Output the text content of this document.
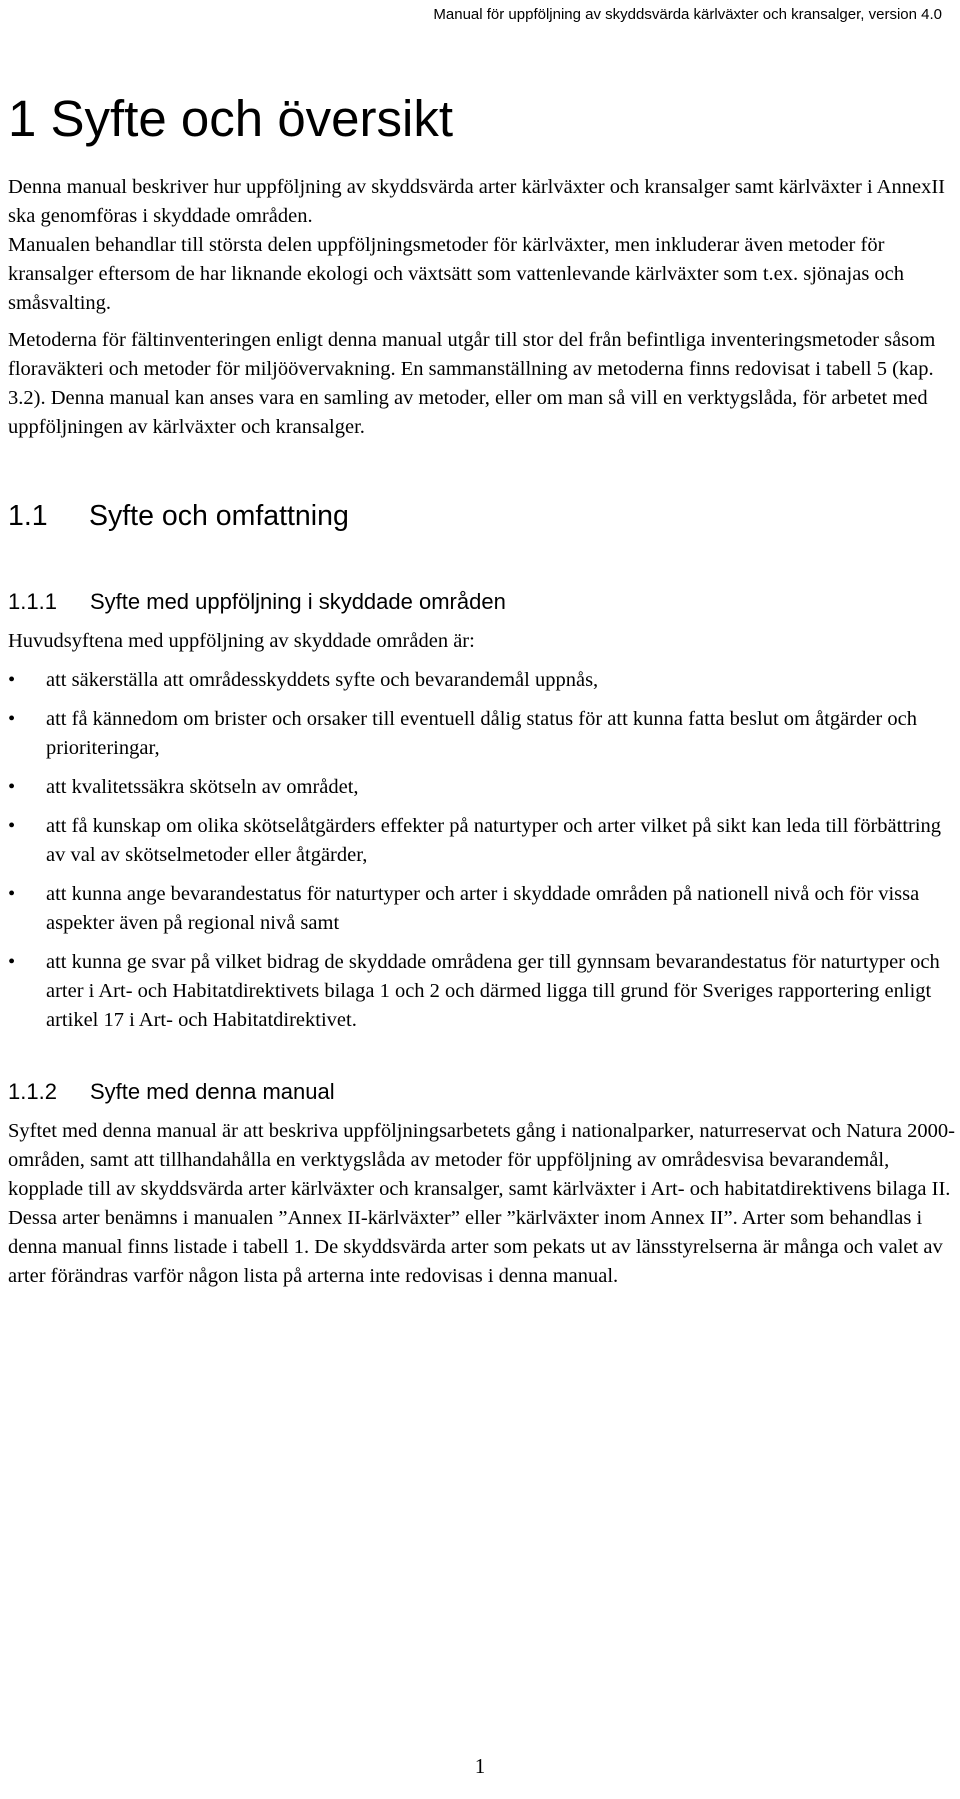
Manual för uppföljning av skyddsvärda kärlväxter och kransalger, version 4.0
1 Syfte och översikt

Denna manual beskriver hur uppföljning av skyddsvärda arter kärlväxter och kransalger samt kärlväxter i AnnexII ska genomföras i skyddade områden.

Manualen behandlar till största delen uppföljningsmetoder för kärlväxter, men inkluderar även metoder för kransalger eftersom de har liknande ekologi och växtsätt som vattenlevande kärlväxter som t.ex. sjönajas och småsvalting.

Metoderna för fältinventeringen enligt denna manual utgår till stor del från befintliga inventeringsmetoder såsom floraväkteri och metoder för miljöövervakning. En sammanställning av metoderna finns redovisat i tabell 5 (kap. 3.2). Denna manual kan anses vara en samling av metoder, eller om man så vill en verktygslåda, för arbetet med uppföljningen av kärlväxter och kransalger.

1.1	Syfte och omfattning
1.1.1	Syfte med uppföljning i skyddade områden

Huvudsyftena med uppföljning av skyddade områden är:

• att säkerställa att områdesskyddets syfte och bevarandemål uppnås,
• att få kännedom om brister och orsaker till eventuell dålig status för att kunna fatta beslut om åtgärder och prioriteringar,
• att kvalitetssäkra skötseln av området,
• att få kunskap om olika skötselåtgärders effekter på naturtyper och arter vilket på sikt kan leda till förbättring av val av skötselmetoder eller åtgärder,
• att kunna ange bevarandestatus för naturtyper och arter i skyddade områden på nationell nivå och för vissa aspekter även på regional nivå samt
• att kunna ge svar på vilket bidrag de skyddade områdena ger till gynnsam bevarandestatus för naturtyper och arter i Art- och Habitatdirektivets bilaga 1 och 2 och därmed ligga till grund för Sveriges rapportering enligt artikel 17 i Art- och Habitatdirektivet.
1.1.2	Syfte med denna manual

Syftet med denna manual är att beskriva uppföljningsarbetets gång i nationalparker, naturreservat och Natura 2000-områden, samt att tillhandahålla en verktygslåda av metoder för uppföljning av områdesvisa bevarandemål, kopplade till av skyddsvärda arter kärlväxter och kransalger, samt kärlväxter i Art- och habitatdirektivens bilaga II. Dessa arter benämns i manualen ”Annex II-kärlväxter” eller ”kärlväxter inom Annex II”. Arter som behandlas i denna manual finns listade i tabell 1. De skyddsvärda arter som pekats ut av länsstyrelserna är många och valet av arter förändras varför någon lista på arterna inte redovisas i denna manual.

1
